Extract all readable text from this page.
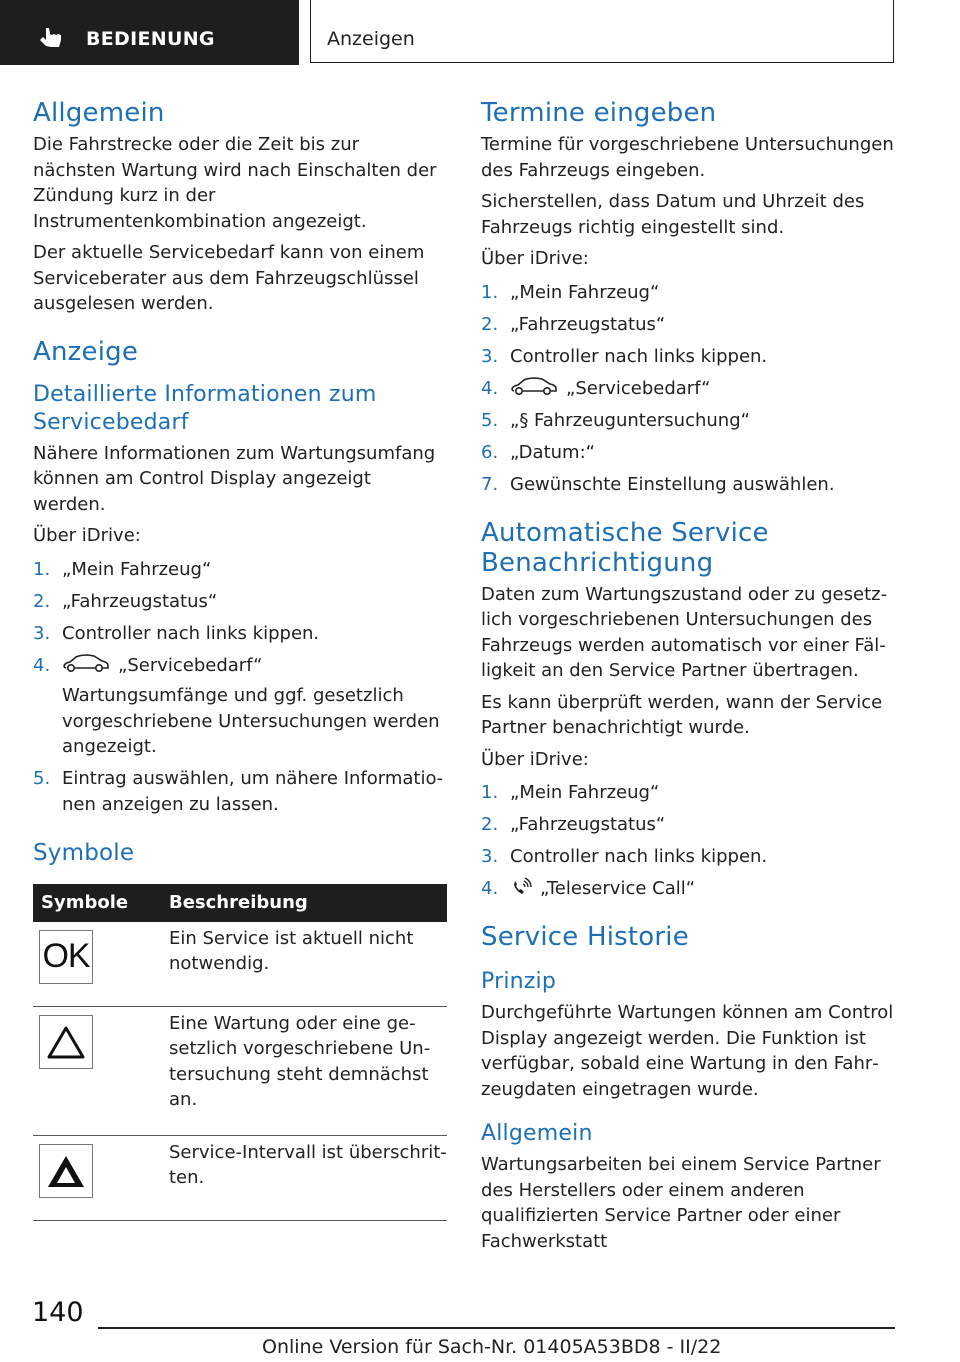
BEDIENUNG	Anzeigen
Allgemein

Die Fahrstrecke oder die Zeit bis zur nächsten Wartung wird nach Einschalten der Zündung kurz in der Instrumentenkombination angezeigt.

Der aktuelle Servicebedarf kann von einem Serviceberater aus dem Fahrzeugschlüssel ausgelesen werden.

Anzeige
Detaillierte Informationen zum Servicebedarf

Nähere Informationen zum Wartungsumfang können am Control Display angezeigt werden.

Über iDrive:

1. „Mein Fahrzeug“
2. „Fahrzeugstatus“
3. Controller nach links kippen.
4.	„Servicebedarf“
Wartungsumfänge und ggf. gesetzlich vorgeschriebene Untersuchungen werden angezeigt.
5. Eintrag auswählen, um nähere Informationen anzeigen zu lassen.
Symbole
Symbole	Beschreibung

OK	Ein Service ist aktuell nicht notwendig.

	Eine Wartung oder eine gesetzlich vorgeschriebene Untersuchung steht demnächst an.

	Service-Intervall ist überschritten.
Termine eingeben

Termine für vorgeschriebene Untersuchungen des Fahrzeugs eingeben.

Sicherstellen, dass Datum und Uhrzeit des Fahrzeugs richtig eingestellt sind.

Über iDrive:

1. „Mein Fahrzeug“
2. „Fahrzeugstatus“
3. Controller nach links kippen.
4.	„Servicebedarf“
5. „§ Fahrzeuguntersuchung“
6. „Datum:“
7. Gewünschte Einstellung auswählen.
Automatische Service Benachrichtigung

Daten zum Wartungszustand oder zu gesetzlich vorgeschriebenen Untersuchungen des Fahrzeugs werden automatisch vor einer Fälligkeit an den Service Partner übertragen.

Es kann überprüft werden, wann der Service Partner benachrichtigt wurde.

Über iDrive:

1. „Mein Fahrzeug“
2. „Fahrzeugstatus“
3. Controller nach links kippen.
4. „Teleservice Call“
Service Historie
Prinzip

Durchgeführte Wartungen können am Control Display angezeigt werden. Die Funktion ist verfügbar, sobald eine Wartung in den Fahrzeugdaten eingetragen wurde.

Allgemein

Wartungsarbeiten bei einem Service Partner des Herstellers oder einem anderen qualifizierten Service Partner oder einer Fachwerkstatt

140
Online Version für Sach-Nr. 01405A53BD8 - II/22
